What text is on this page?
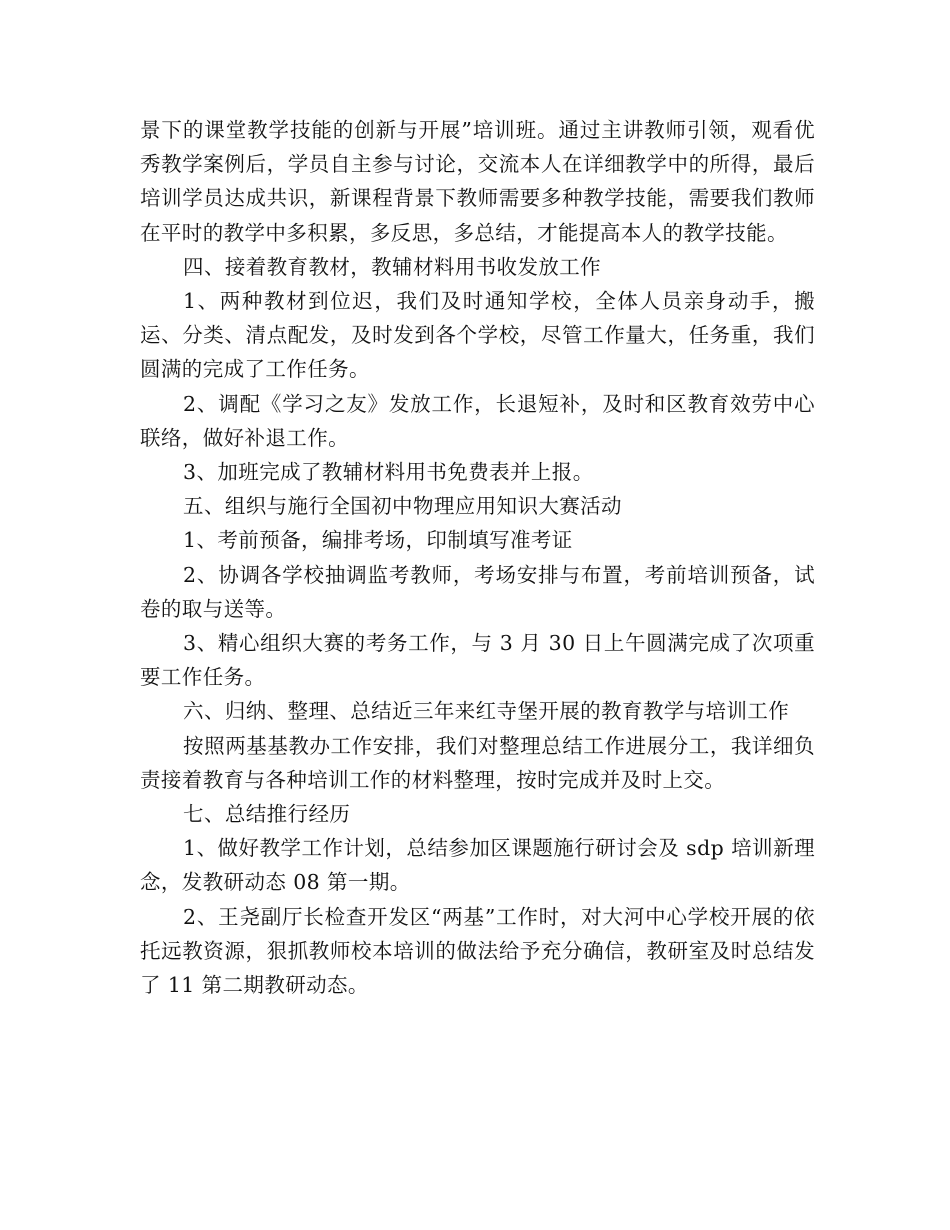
景下的课堂教学技能的创新与开展”培训班。通过主讲教师引领，观看优秀教学案例后，学员自主参与讨论，交流本人在详细教学中的所得，最后培训学员达成共识，新课程背景下教师需要多种教学技能，需要我们教师在平时的教学中多积累，多反思，多总结，才能提高本人的教学技能。

四、接着教育教材，教辅材料用书收发放工作

1、两种教材到位迟，我们及时通知学校，全体人员亲身动手，搬运、分类、清点配发，及时发到各个学校，尽管工作量大，任务重，我们圆满的完成了工作任务。

2、调配《学习之友》发放工作，长退短补，及时和区教育效劳中心联络，做好补退工作。

3、加班完成了教辅材料用书免费表并上报。

五、组织与施行全国初中物理应用知识大赛活动

1、考前预备，编排考场，印制填写准考证

2、协调各学校抽调监考教师，考场安排与布置，考前培训预备，试卷的取与送等。

3、精心组织大赛的考务工作，与 3 月 30 日上午圆满完成了次项重要工作任务。

六、归纳、整理、总结近三年来红寺堡开展的教育教学与培训工作

按照两基基教办工作安排，我们对整理总结工作进展分工，我详细负责接着教育与各种培训工作的材料整理，按时完成并及时上交。

七、总结推行经历

1、做好教学工作计划，总结参加区课题施行研讨会及 sdp 培训新理念，发教研动态 08 第一期。

2、王尧副厅长检查开发区“两基”工作时，对大河中心学校开展的依托远教资源，狠抓教师校本培训的做法给予充分确信，教研室及时总结发了 11 第二期教研动态。
